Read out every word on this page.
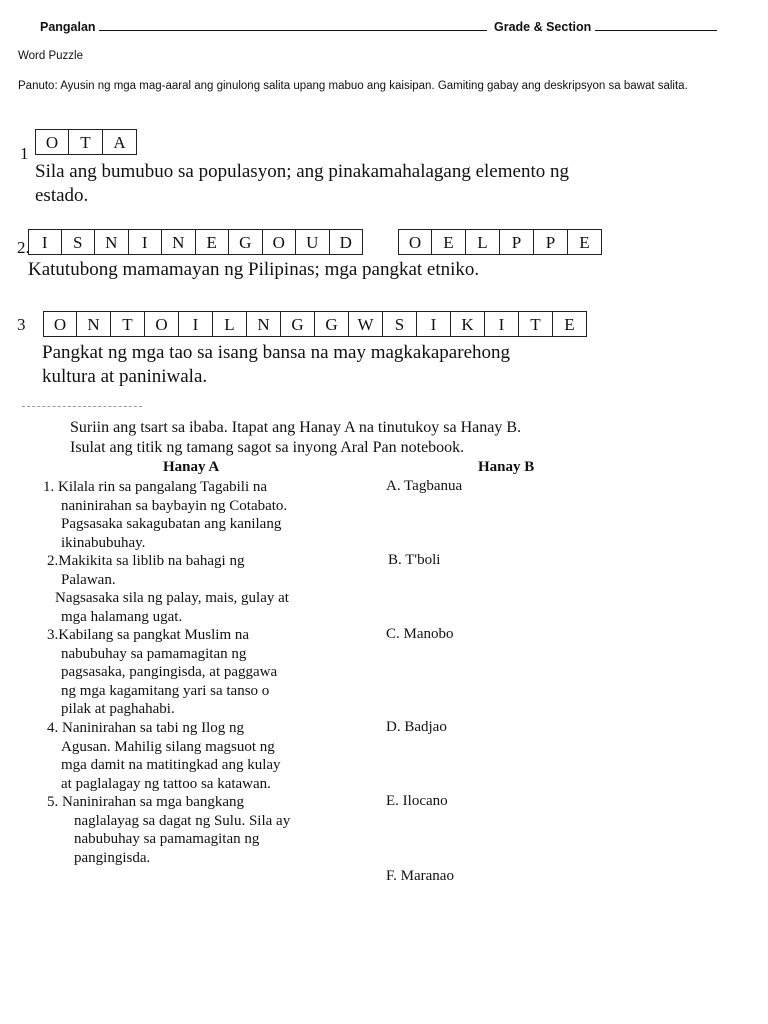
Pangalan	Grade & Section
Word Puzzle
Panuto: Ayusin ng mga mag-aaral ang ginulong salita upang mabuo ang kaisipan. Gamiting gabay ang deskripsyon sa bawat salita.
1
O	T	A
Sila ang bumubuo sa populasyon; ang pinakamahalagang elemento ng
estado.
2. I	S	N	I	N	E	G	O	U	D	O	E	L	P	P	E
Katutubong mamamayan ng Pilipinas; mga pangkat etniko.
3	O	N	T	O	I	L	N	G	G	W	S	I	K	I	T	E
Pangkat ng mga tao sa isang bansa na may magkakaparehong
kultura at paniniwala.
Suriin ang tsart sa ibaba. Itapat ang Hanay A na tinutukoy sa Hanay B.
Isulat ang titik ng tamang sagot sa inyong Aral Pan notebook.
Hanay A	Hanay B

1. Kilala rin sa pangalang Tagabili na

naninirahan sa baybayin ng Cotabato.

Pagsasaka sakagubatan ang kanilang

ikinabubuhay.

2.Makikita sa liblib na bahagi ng

Palawan.

Nagsasaka sila ng palay, mais, gulay at

mga halamang ugat.

3.Kabilang sa pangkat Muslim na

nabubuhay sa pamamagitan ng

pagsasaka, pangingisda, at paggawa

ng mga kagamitang yari sa tanso o

pilak at paghahabi.

4. Naninirahan sa tabi ng Ilog ng

Agusan. Mahilig silang magsuot ng

mga damit na matitingkad ang kulay

at paglalagay ng tattoo sa katawan.

5. Naninirahan sa mga bangkang

naglalayag sa dagat ng Sulu. Sila ay

nabubuhay sa pamamagitan ng

pangingisda.

A. Tagbanua
B. T'boli
C. Manobo
D. Badjao
E. Ilocano
F. Maranao
